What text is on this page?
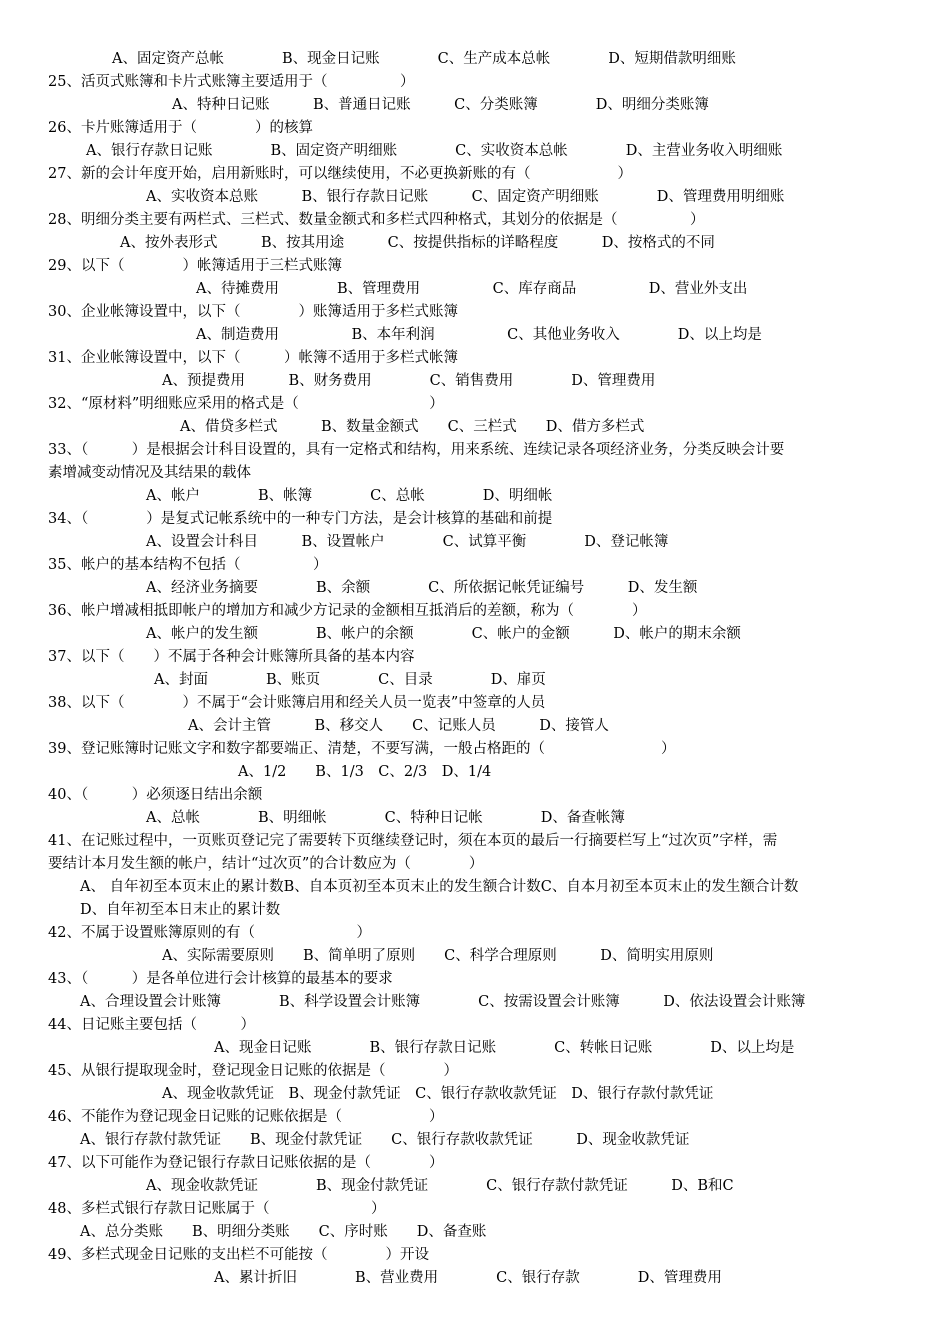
A、固定资产总帐　　　　B、现金日记账　　　　C、生产成本总帐　　　　D、短期借款明细账
25、活页式账簿和卡片式账簿主要适用于（　　　　　）
A、特种日记账　　　B、普通日记账　　　C、分类账簿　　　　D、明细分类账簿
26、卡片账簿适用于（　　　　）的核算
A、银行存款日记账　　　　B、固定资产明细账　　　　C、实收资本总帐　　　　D、主营业务收入明细账
27、新的会计年度开始，启用新账时，可以继续使用，不必更换新账的有（　　　　　　）
A、实收资本总账　　　B、银行存款日记账　　　C、固定资产明细账　　　　D、管理费用明细账
28、明细分类主要有两栏式、三栏式、数量金额式和多栏式四种格式，其划分的依据是（　　　　　）
A、按外表形式　　　B、按其用途　　　C、按提供指标的详略程度　　　D、按格式的不同
29、以下（　　　　）帐簿适用于三栏式账簿
A、待摊费用　　　　B、管理费用　　　　　C、库存商品　　　　　D、营业外支出
30、企业帐簿设置中，以下（　　　　）账簿适用于多栏式账簿
A、制造费用　　　　　B、本年利润　　　　　C、其他业务收入　　　　D、以上均是
31、企业帐簿设置中，以下（　　　）帐簿不适用于多栏式帐簿
A、预提费用　　　B、财务费用　　　　C、销售费用　　　　D、管理费用
32、“原材料”明细账应采用的格式是（　　　　　　　　　）
A、借贷多栏式　　　B、数量金额式　　C、三栏式　　D、借方多栏式
33、（　　　）是根据会计科目设置的，具有一定格式和结构，用来系统、连续记录各项经济业务，分类反映会计要
素增减变动情况及其结果的载体
A、帐户　　　　B、帐簿　　　　C、总帐　　　　D、明细帐
34、（　　　　）是复式记帐系统中的一种专门方法，是会计核算的基础和前提
A、设置会计科目　　　B、设置帐户　　　　C、试算平衡　　　　D、登记帐簿
35、帐户的基本结构不包括（　　　　　）
A、经济业务摘要　　　　B、余额　　　　C、所依据记帐凭证编号　　　D、发生额
36、帐户增减相抵即帐户的增加方和减少方记录的金额相互抵消后的差额，称为（　　　　）
A、帐户的发生额　　　　B、帐户的余额　　　　C、帐户的金额　　　D、帐户的期末余额
37、以下（　　）不属于各种会计账簿所具备的基本内容
A、封面　　　　B、账页　　　　C、目录　　　　D、扉页
38、以下（　　　　）不属于“会计账簿启用和经关人员一览表”中签章的人员
A、会计主管　　　B、移交人　　C、记账人员　　　D、接管人
39、登记账簿时记账文字和数字都要端正、清楚，不要写满，一般占格距的（　　　　　　　　）
A、1/2　　B、1/3　C、2/3　D、1/4
40、（　　　）必须逐日结出余额
A、总帐　　　　B、明细帐　　　　C、特种日记帐　　　　D、备查帐簿
41、在记账过程中，一页账页登记完了需要转下页继续登记时，须在本页的最后一行摘要栏写上“过次页”字样，需
要结计本月发生额的帐户，结计“过次页”的合计数应为（　　　　）
A、 自年初至本页末止的累计数B、自本页初至本页末止的发生额合计数C、自本月初至本页末止的发生额合计数
D、自年初至本日末止的累计数
42、不属于设置账簿原则的有（　　　　　　　）
A、实际需要原则　　B、简单明了原则　　C、科学合理原则　　　D、简明实用原则
43、（　　　）是各单位进行会计核算的最基本的要求
A、合理设置会计账簿　　　　B、科学设置会计账簿　　　　C、按需设置会计账簿　　　D、依法设置会计账簿
44、日记账主要包括（　　　）
A、现金日记账　　　　B、银行存款日记账　　　　C、转帐日记账　　　　D、以上均是
45、从银行提取现金时，登记现金日记账的依据是（　　　　）
A、现金收款凭证　B、现金付款凭证　C、银行存款收款凭证　D、银行存款付款凭证
46、不能作为登记现金日记账的记账依据是（　　　　　　）
A、银行存款付款凭证　　B、现金付款凭证　　C、银行存款收款凭证　　　D、现金收款凭证
47、以下可能作为登记银行存款日记账依据的是（　　　　）
A、现金收款凭证　　　　B、现金付款凭证　　　　C、银行存款付款凭证　　　D、B和C
48、多栏式银行存款日记账属于（　　　　　　　）
A、总分类账　　B、明细分类账　　C、序时账　　D、备查账
49、多栏式现金日记账的支出栏不可能按（　　　　）开设
A、累计折旧　　　　B、营业费用　　　　C、银行存款　　　　D、管理费用
